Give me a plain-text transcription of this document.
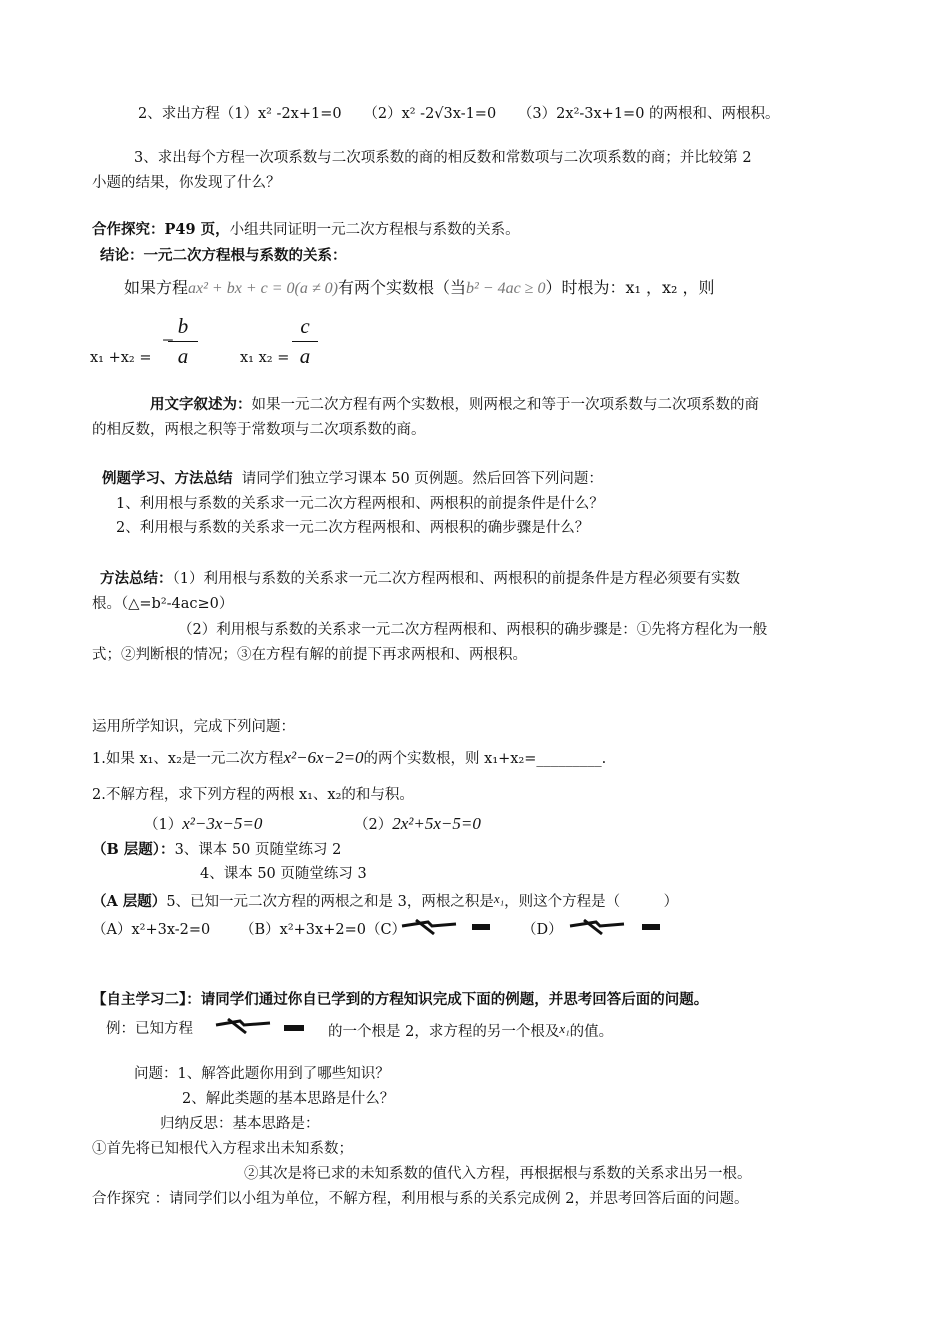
2、求出方程（1）x² -2x+1=0　　（2）x² -2√3x-1=0　　（3）2x²-3x+1=0 的两根和、两根积。
3、求出每个方程一次项系数与二次项系数的商的相反数和常数项与二次项系数的商；并比较第 2
小题的结果，你发现了什么？
合作探究：P49 页，小组共同证明一元二次方程根与系数的关系。
结论：一元二次方程根与系数的关系：
如果方程ax² + bx + c = 0(a ≠ 0)有两个实数根（当b² − 4ac ≥ 0）时根为：x₁ ，x₂ ，则
−
b
a
c
a
x₁ +x₂ =	x₁ x₂ =
用文字叙述为：如果一元二次方程有两个实数根，则两根之和等于一次项系数与二次项系数的商
的相反数，两根之积等于常数项与二次项系数的商。
例题学习、方法总结 请同学们独立学习课本 50 页例题。然后回答下列问题：
1、利用根与系数的关系求一元二次方程两根和、两根积的前提条件是什么？
2、利用根与系数的关系求一元二次方程两根和、两根积的确步骤是什么？
方法总结：（1）利用根与系数的关系求一元二次方程两根和、两根积的前提条件是方程必须要有实数
根。（△=b²-4ac≥0）
（2）利用根与系数的关系求一元二次方程两根和、两根积的确步骤是：①先将方程化为一般
式；②判断根的情况；③在方程有解的前提下再求两根和、两根积。
运用所学知识，完成下列问题：
1.如果 x₁、x₂是一元二次方程x²−6x−2=0的两个实数根，则 x₁+x₂=_________.
2.不解方程，求下列方程的两根 x₁、x₂的和与积。
（1）x²−3x−5=0	（2）2x²+5x−5=0
（B 层题）：3、课本 50 页随堂练习 2
4、课本 50 页随堂练习 3
（A 层题）5、已知一元二次方程的两根之和是 3，两根之积是x₁，则这个方程是（　　　）
（A）x²+3x-2=0 （B）x²+3x+2=0（C）	（D）
【自主学习二】：请同学们通过你自已学到的方程知识完成下面的例题，并思考回答后面的问题。
例：已知方程	的一个根是 2，求方程的另一个根及x₁的值。
问题：1、解答此题你用到了哪些知识？
2、解此类题的基本思路是什么？
归纳反思：基本思路是：
①首先将已知根代入方程求出未知系数；
②其次是将已求的未知系数的值代入方程，再根据根与系数的关系求出另一根。
合作探究 ：请同学们以小组为单位，不解方程，利用根与系的关系完成例 2，并思考回答后面的问题。
